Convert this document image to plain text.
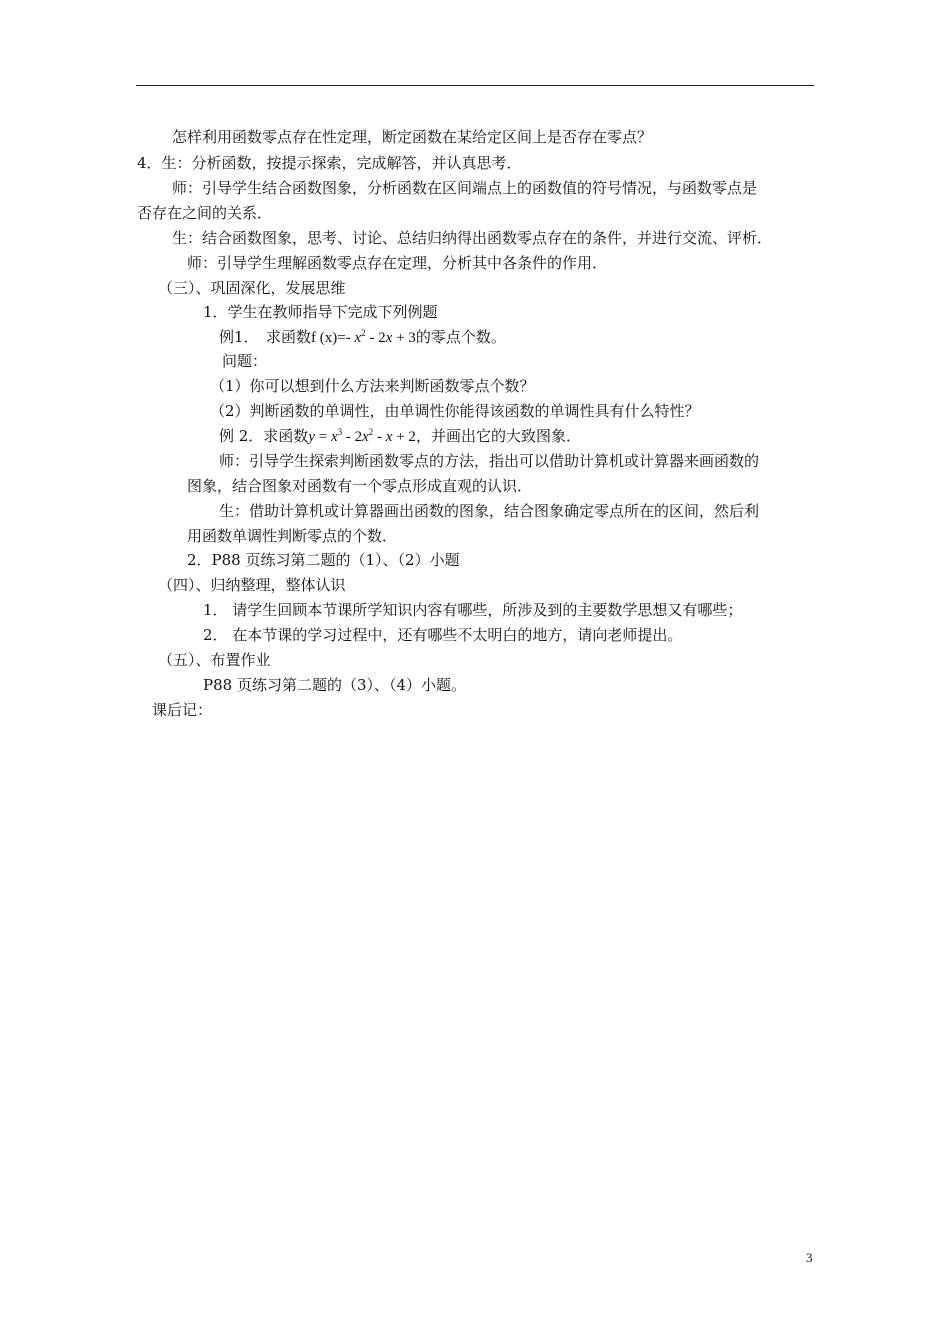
怎样利用函数零点存在性定理，断定函数在某给定区间上是否存在零点？
4．生：分析函数，按提示探索，完成解答，并认真思考．
师：引导学生结合函数图象，分析函数在区间端点上的函数值的符号情况，与函数零点是
否存在之间的关系．
生：结合函数图象，思考、讨论、总结归纳得出函数零点存在的条件，并进行交流、评析．
师：引导学生理解函数零点存在定理，分析其中各条件的作用．
（三）、巩固深化，发展思维
1．学生在教师指导下完成下列例题
例1．　求函数f (x)=- $x^2 - 2x + 3$的零点个数。
问题：
（1）你可以想到什么方法来判断函数零点个数？
（2）判断函数的单调性，由单调性你能得该函数的单调性具有什么特性？
例 2．求函数$y = x^3 - 2x^2 - x + 2$，并画出它的大致图象．
师：引导学生探索判断函数零点的方法，指出可以借助计算机或计算器来画函数的
图象，结合图象对函数有一个零点形成直观的认识．
生：借助计算机或计算器画出函数的图象，结合图象确定零点所在的区间，然后利
用函数单调性判断零点的个数．
2．P88 页练习第二题的（1）、（2）小题
（四）、归纳整理，整体认识
1． 请学生回顾本节课所学知识内容有哪些，所涉及到的主要数学思想又有哪些；
2． 在本节课的学习过程中，还有哪些不太明白的地方，请向老师提出。
（五）、布置作业
P88 页练习第二题的（3）、（4）小题。
课后记：
3
